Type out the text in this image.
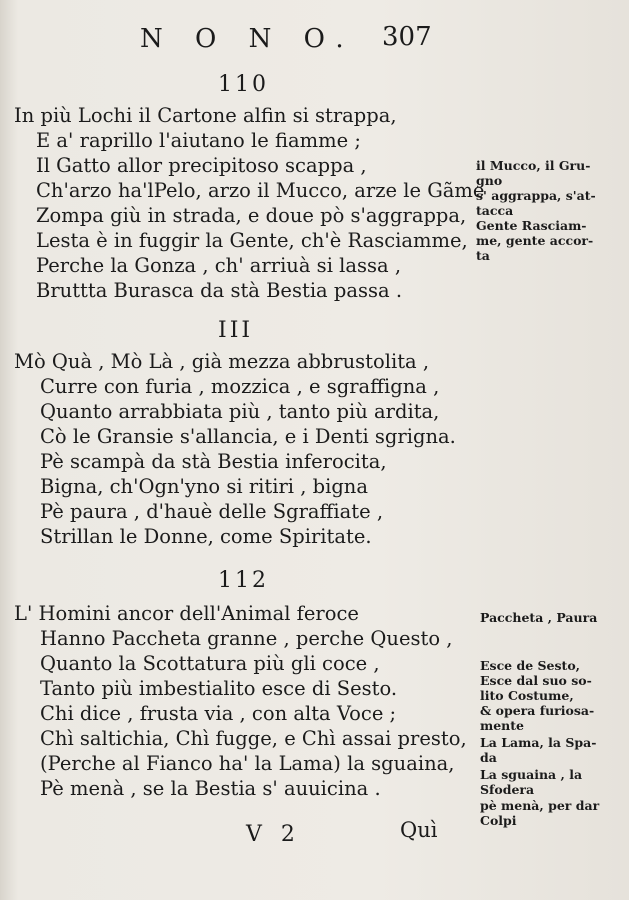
N O N O. 307
110
In più Lochi il Cartone alfin si strappa,
E a' raprillo l'aiutano le fiamme ;
Il Gatto allor precipitoso scappa ,
Ch'arzo ha'lPelo, arzo il Mucco, arze le Gãme
Zompa giù in strada, e doue pò s'aggrappa,
Lesta è in fuggir la Gente, ch'è Rasciamme,
Perche la Gonza , ch' arriuà si lassa ,
Bruttta Burasca da stà Bestia passa .
il Mucco, il Gru-
gno
s' aggrappa, s'at-
tacca
Gente Rasciam-
me, gente accor-
ta
III
Mò Quà , Mò Là , già mezza abbrustolita ,
Curre con furia , mozzica , e sgraffigna ,
Quanto arrabbiata più , tanto più ardita,
Cò le Gransie s'allancia, e i Denti sgrigna.
Pè scampà da stà Bestia inferocita,
Bigna, ch'Ogn'yno si ritiri , bigna
Pè paura , d'hauè delle Sgraffiate ,
Strillan le Donne, come Spiritate.
112
L' Homini ancor dell'Animal feroce
Hanno Paccheta granne , perche Questo ,
Quanto la Scottatura più gli coce ,
Tanto più imbestialito esce di Sesto.
Chi dice , frusta via , con alta Voce ;
Chì saltichia, Chì fugge, e Chì assai presto,
(Perche al Fianco ha' la Lama) la sguaina,
Pè menà , se la Bestia s' auuicina .
Paccheta , Paura
Esce de Sesto,
Esce dal suo so-
lito Costume,
& opera furiosa-
mente
La Lama, la Spa-
da
La sguaina , la
Sfodera
pè menà, per dar
Colpi
V 2	Quì
